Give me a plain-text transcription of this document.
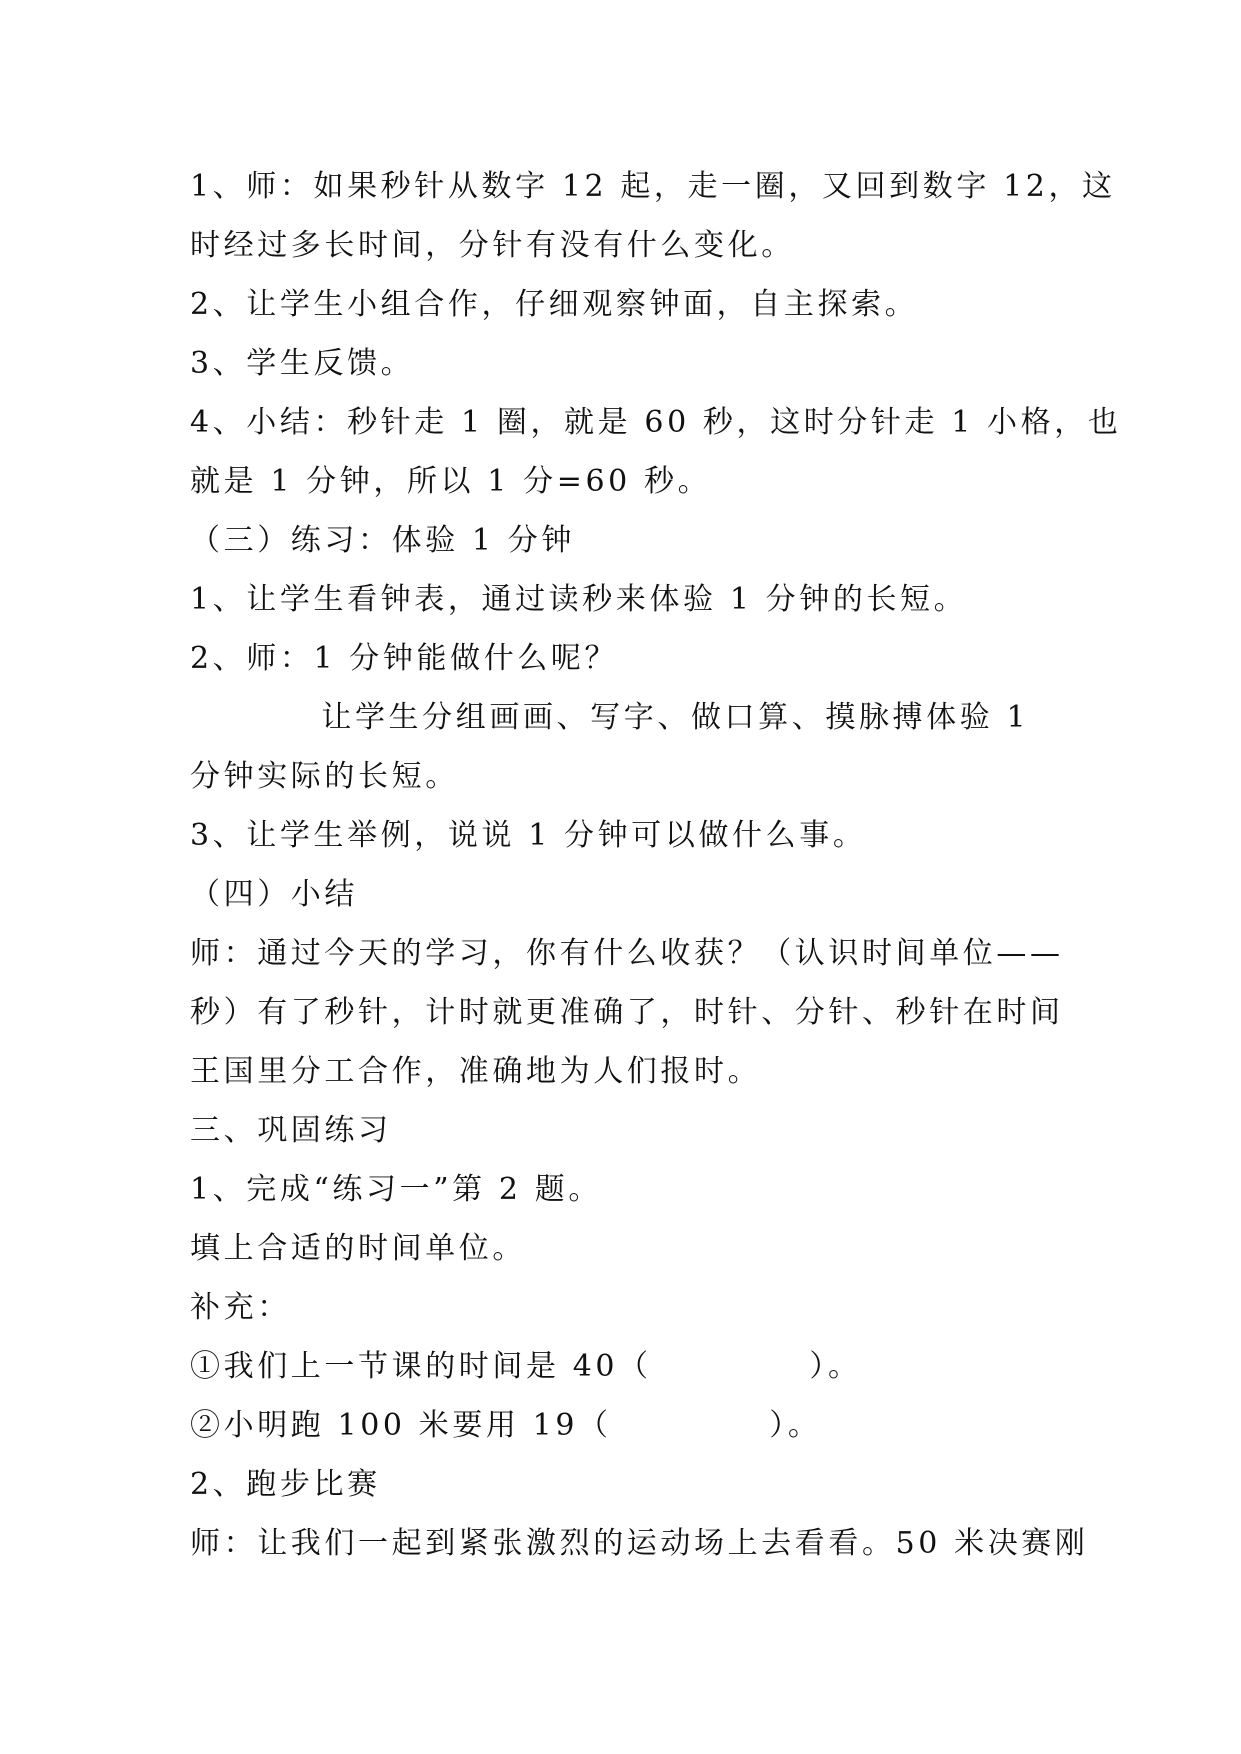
1、师：如果秒针从数字 12 起，走一圈，又回到数字 12，这
时经过多长时间，分针有没有什么变化。
2、让学生小组合作，仔细观察钟面，自主探索。
3、学生反馈。
4、小结：秒针走 1 圈，就是 60 秒，这时分针走 1 小格，也
就是 1 分钟，所以 1 分=60 秒。
（三）练习：体验 1 分钟
1、让学生看钟表，通过读秒来体验 1 分钟的长短。
2、师：1 分钟能做什么呢？
让学生分组画画、写字、做口算、摸脉搏体验 1
分钟实际的长短。
3、让学生举例，说说 1 分钟可以做什么事。
（四）小结
师：通过今天的学习，你有什么收获？（认识时间单位——
秒）有了秒针，计时就更准确了，时针、分针、秒针在时间
王国里分工合作，准确地为人们报时。
三、巩固练习
1、完成“练习一”第 2 题。
填上合适的时间单位。
补充：
①我们上一节课的时间是 40（            ）。
②小明跑 100 米要用 19（            ）。
2、跑步比赛
师：让我们一起到紧张激烈的运动场上去看看。50 米决赛刚
